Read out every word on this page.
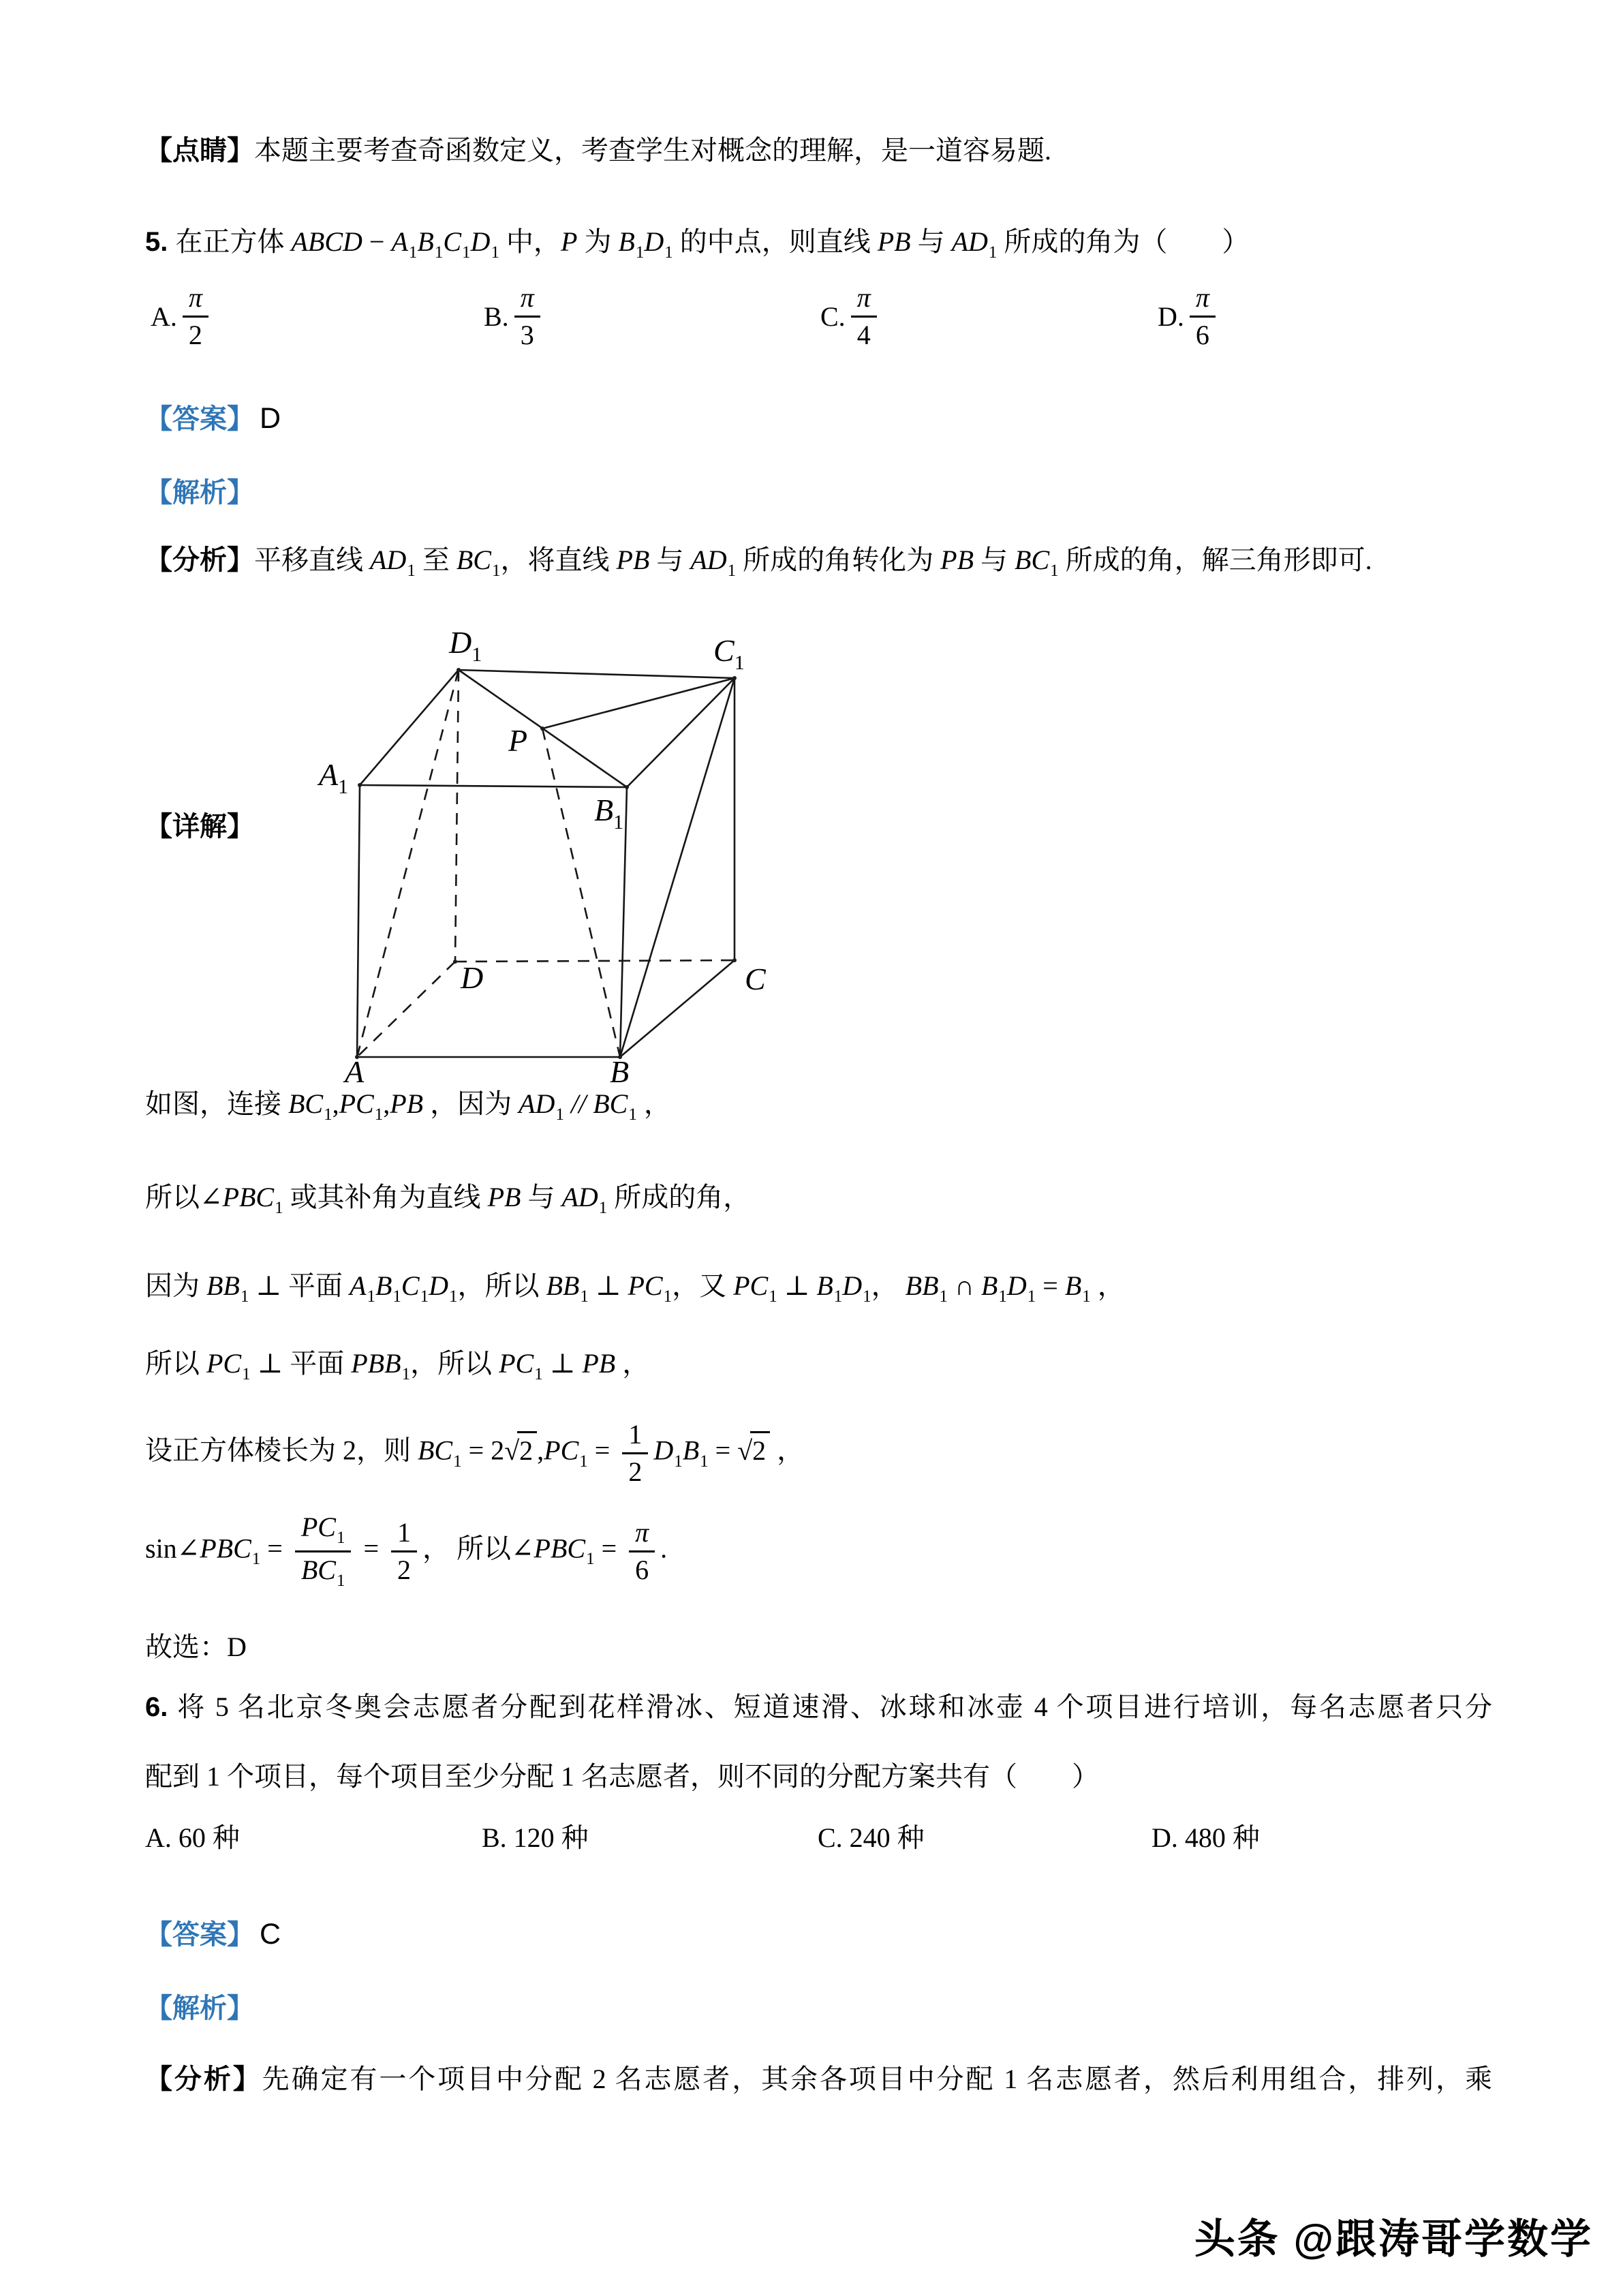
【点睛】本题主要考查奇函数定义，考查学生对概念的理解，是一道容易题.
5. 在正方体 ABCD − $A_1B_1C_1D_1$ 中，P 为 $B_1D_1$ 的中点，则直线 PB 与 $AD_1$ 所成的角为（　　）
A. $\frac{\pi}{2}$	B. $\frac{\pi}{3}$	C. $\frac{\pi}{4}$	D. $\frac{\pi}{6}$
【答案】 D
【解析】
【分析】平移直线 $AD_1$ 至 $BC_1$，将直线 PB 与 $AD_1$ 所成的角转化为 PB 与 $BC_1$ 所成的角，解三角形即可.
【详解】
$D_1$	$C_1$
$A_1$
$B_1$
P
A	B
C
D
如图，连接 $BC_1,PC_1,PB$ ，因为 $AD_1 // BC_1$ ，
所以$\angle PBC_1$ 或其补角为直线 PB 与 $AD_1$ 所成的角，
因为 $BB_1$ ⊥ 平面 $A_1B_1C_1D_1$，所以 $BB_1$ ⊥ $PC_1$，又 $PC_1$ ⊥ $B_1D_1$， $BB_1$ ∩ $B_1D_1 = B_1$ ，
所以 $PC_1$ ⊥ 平面 $PBB_1$，所以 $PC_1$ ⊥ PB ，
设正方体棱长为 2，则 $BC_1 = 2√2$ $,PC_1 = \frac{1}{2} D_1B_1 = √2$ ，
$\sin\angle PBC_1 = \frac{PC_1}{BC_1} = \frac{1}{2}$ ， 所以$\angle PBC_1 = \frac{\pi}{6}$ .
故选：D
6. 将 5 名北京冬奥会志愿者分配到花样滑冰、短道速滑、冰球和冰壶 4 个项目进行培训，每名志愿者只分
配到 1 个项目，每个项目至少分配 1 名志愿者，则不同的分配方案共有（　　）
A. 60 种	B. 120 种	C. 240 种	D. 480 种
【答案】 C
【解析】
【分析】先确定有一个项目中分配 2 名志愿者，其余各项目中分配 1 名志愿者，然后利用组合，排列，乘
头条 @跟涛哥学数学
